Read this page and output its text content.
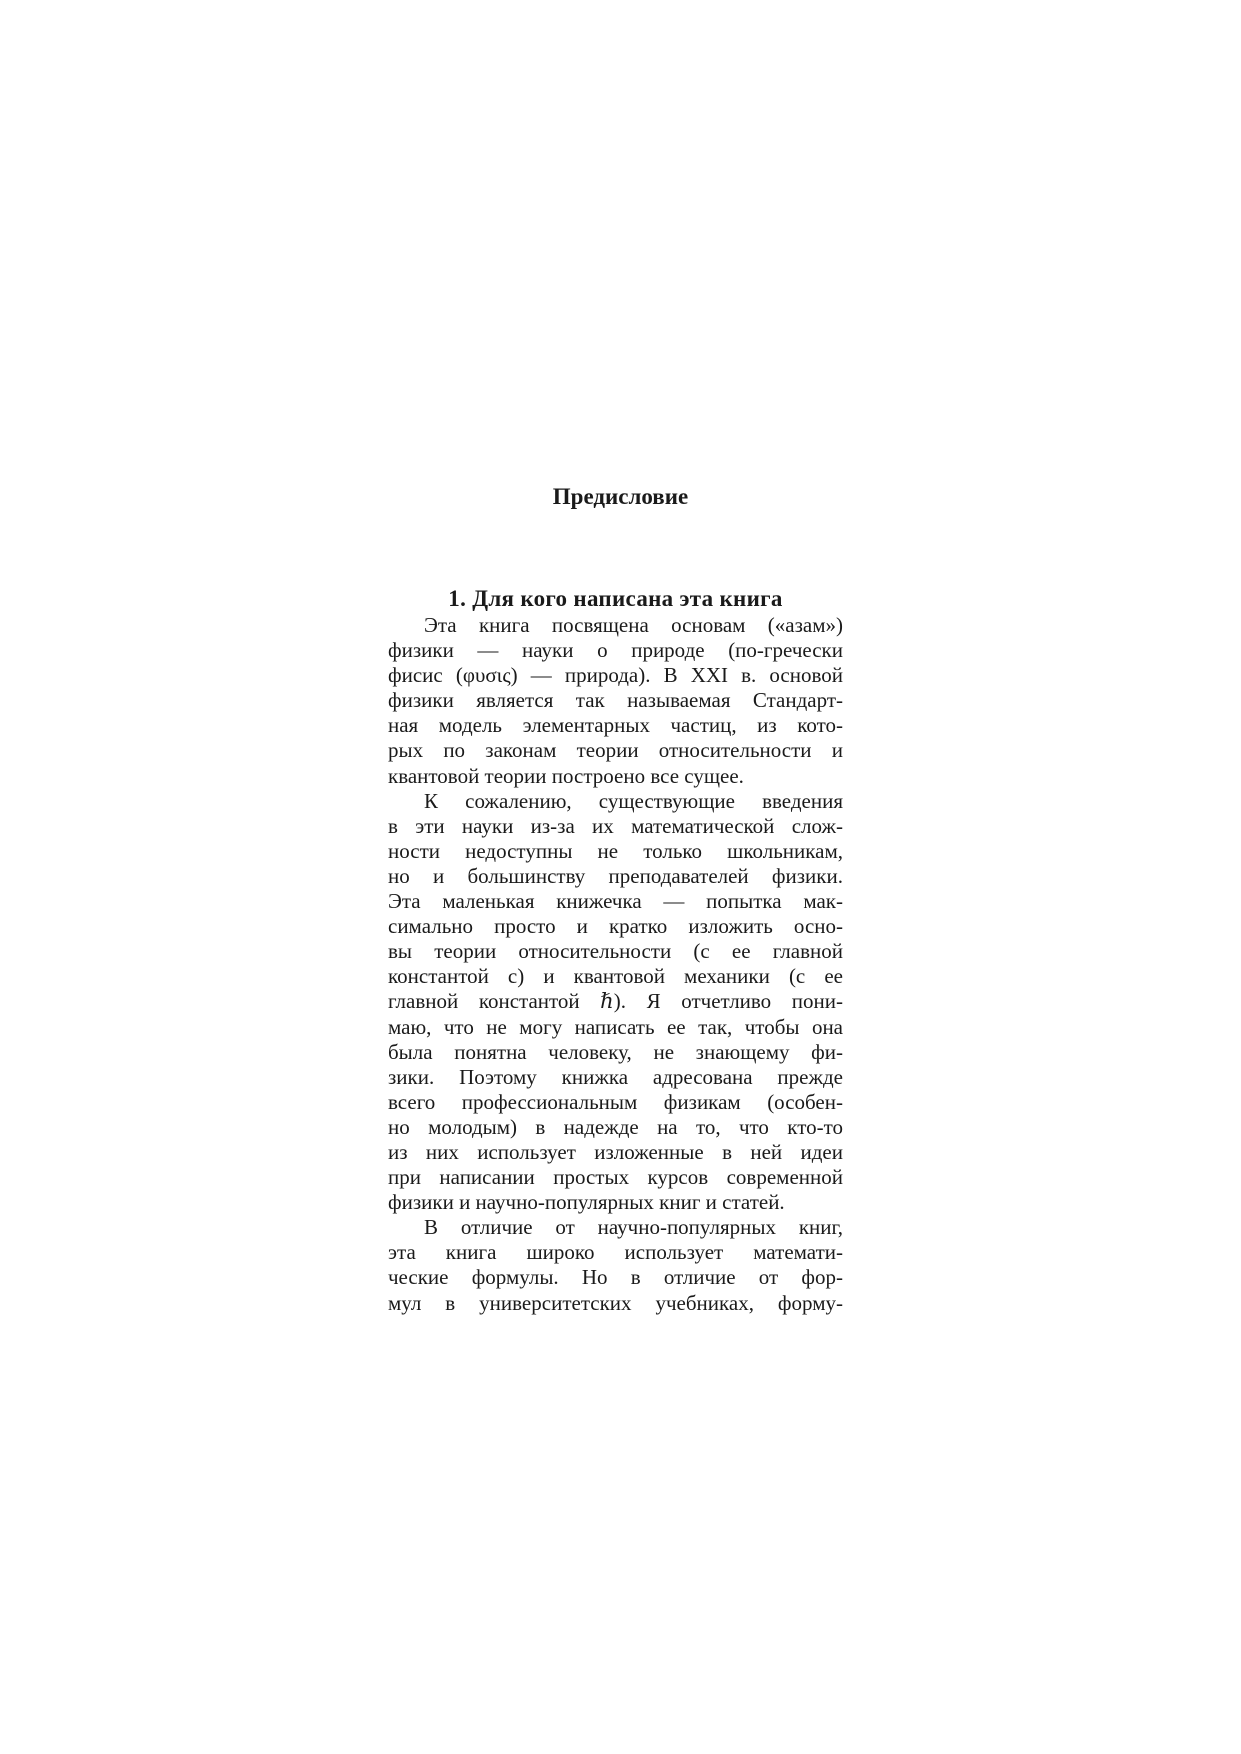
Предисловие
1. Для кого написана эта книга
Эта книга посвящена основам («азам»)
физики — науки о природе (по-гречески
фисис (φυσις) — природа). В XXI в. основой
физики является так называемая Стандарт-
ная модель элементарных частиц, из кото-
рых по законам теории относительности и
квантовой теории построено все сущее.
К сожалению, существующие введения
в эти науки из-за их математической слож-
ности недоступны не только школьникам,
но и большинству преподавателей физики.
Эта маленькая книжечка — попытка мак-
симально просто и кратко изложить осно-
вы теории относительности (с ее главной
константой c) и квантовой механики (с ее
главной константой ℏ). Я отчетливо пони-
маю, что не могу написать ее так, чтобы она
была понятна человеку, не знающему фи-
зики. Поэтому книжка адресована прежде
всего профессиональным физикам (особен-
но молодым) в надежде на то, что кто-то
из них использует изложенные в ней идеи
при написании простых курсов современной
физики и научно-популярных книг и статей.
В отличие от научно-популярных книг,
эта книга широко использует математи-
ческие формулы. Но в отличие от фор-
мул в университетских учебниках, форму-
